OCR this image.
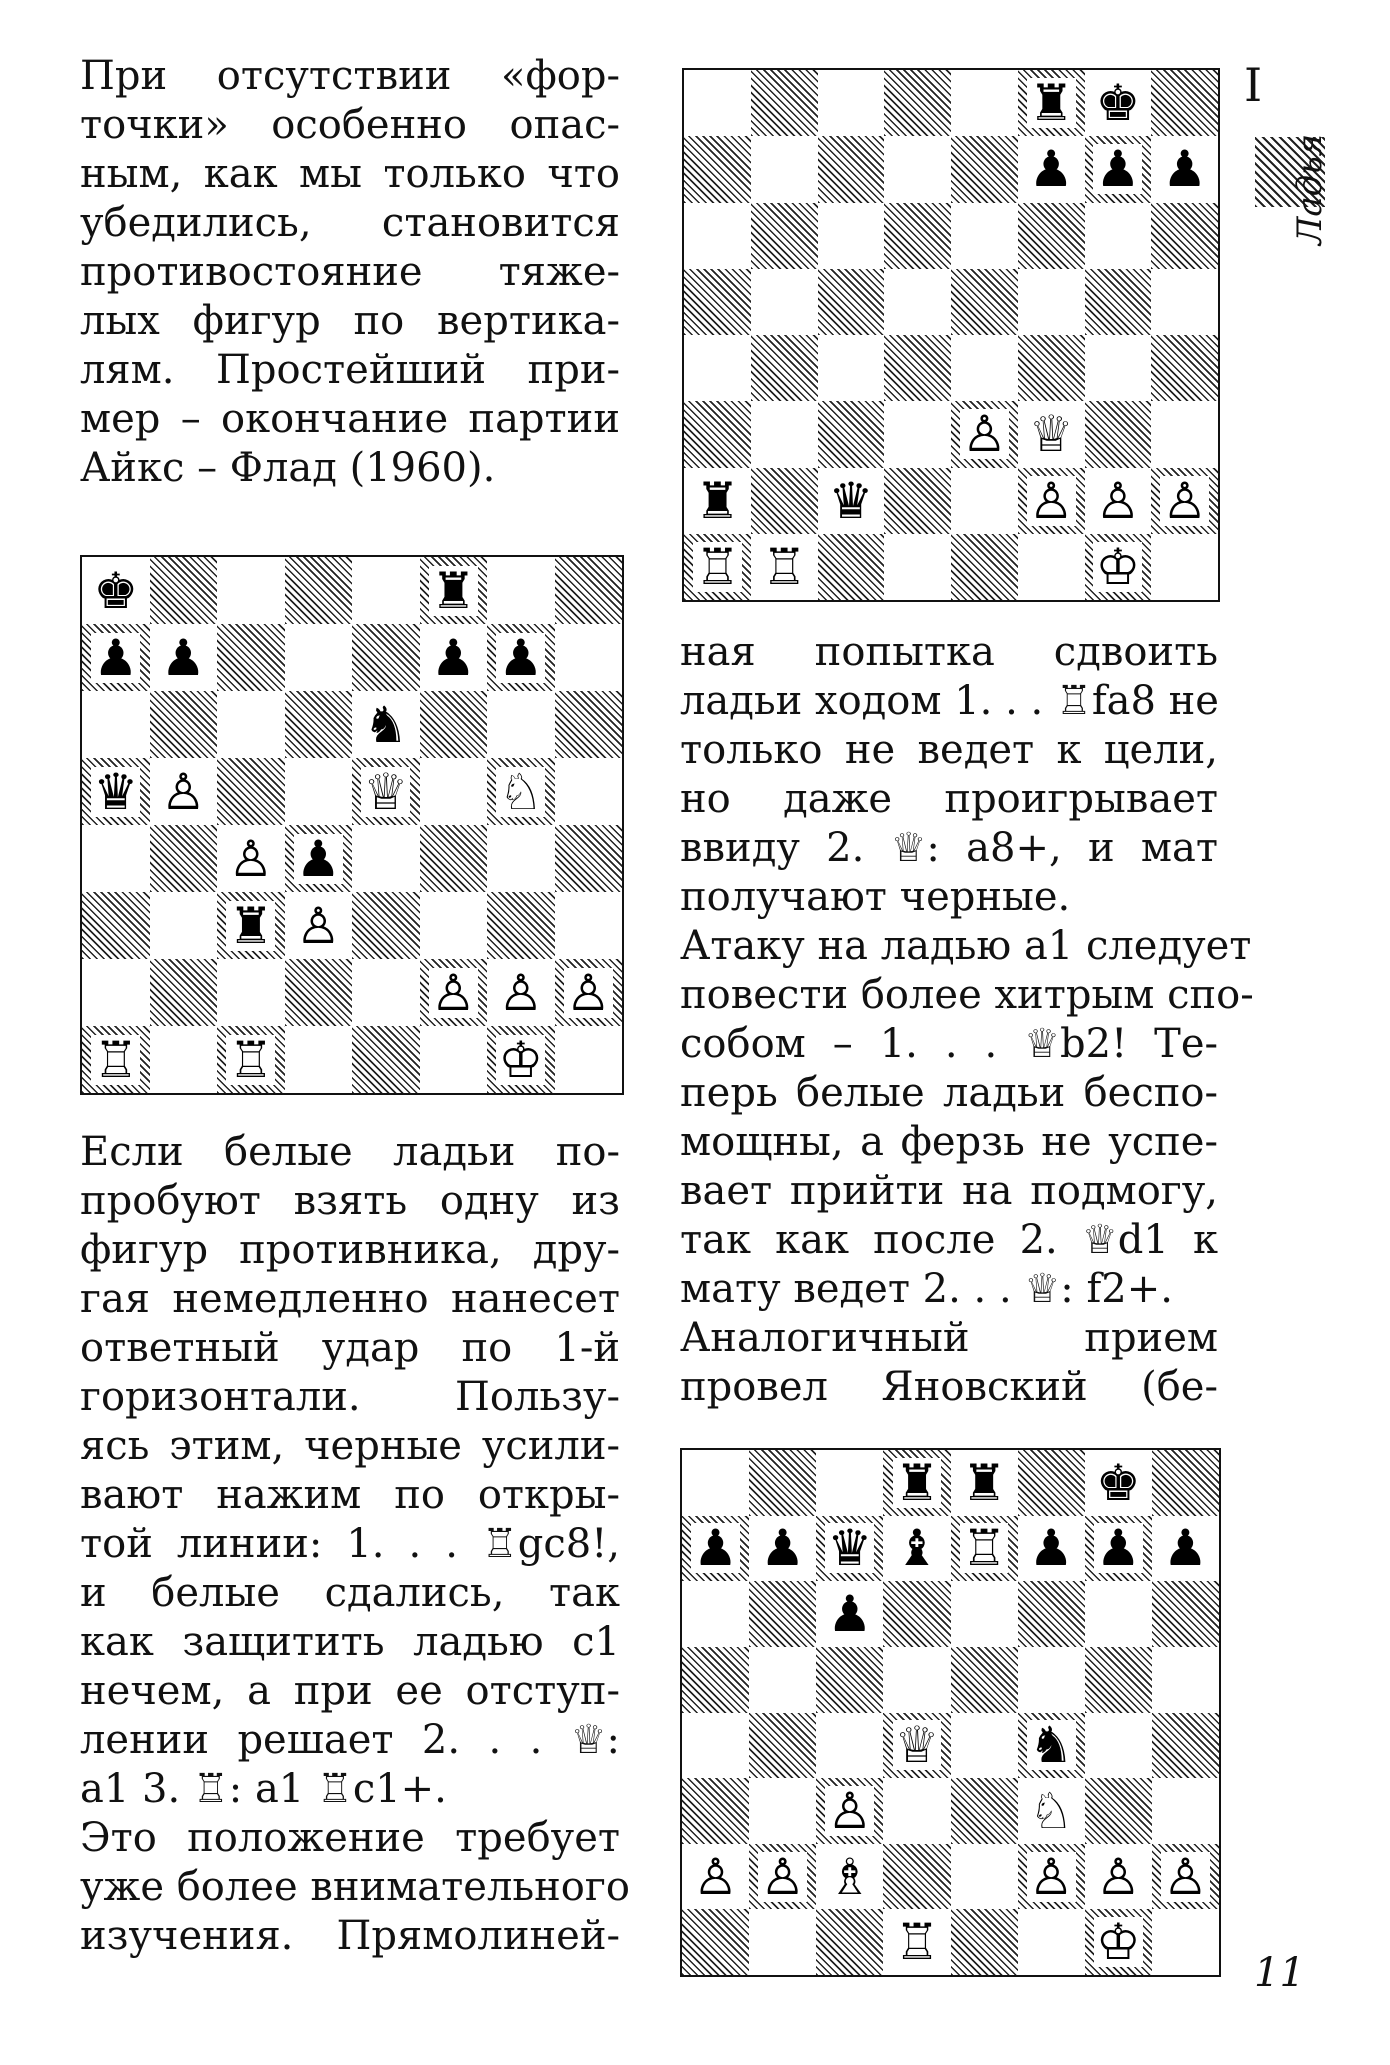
I
Ладья
При отсутствии «фор-
точки» особенно опас-
ным, как мы только что
убедились, становится
противостояние тяже-
лых фигур по вертика-
лям. Простейший при-
мер – окончание партии
Айкс – Флад (1960).
♚	♜
♟ ♟	♟ ♟
♞
♛ ♙	♕ ♘
♙ ♟
♜ ♙
♙ ♙ ♙
♖ ♖	♔
Если белые ладьи по-
пробуют взять одну из
фигур противника, дру-
гая немедленно нанесет
ответный удар по 1-й
горизонтали. Пользу-
ясь этим, черные усили-
вают нажим по откры-
той линии: 1. . . ♖gc8!,
и белые сдались, так
как защитить ладью c1
нечем, а при ее отступ-
лении решает 2. . . ♕:
a1 3. ♖: a1 ♖c1+.
Это положение требует
уже более внимательного
изучения. Прямолиней-
♜ ♚
♟ ♟ ♟
♙ ♕
♜ ♛	♙ ♙ ♙
♖ ♖	♔
ная попытка сдвоить
ладьи ходом 1. . . ♖fa8 не
только не ведет к цели,
но даже проигрывает
ввиду 2. ♕: a8+, и мат
получают черные.
Атаку на ладью a1 следует
повести более хитрым спо-
собом – 1. . . ♕b2! Те-
перь белые ладьи беспо-
мощны, а ферзь не успе-
вает прийти на подмогу,
так как после 2. ♕d1 к
мату ведет 2. . . ♕: f2+.
Аналогичный прием
провел Яновский (бе-
♜ ♜ ♚
♟ ♟ ♛ ♝ ♖ ♟ ♟ ♟
♟
♕ ♞
♙	♘
♙ ♙ ♗	♙ ♙ ♙
♖	♔
11
